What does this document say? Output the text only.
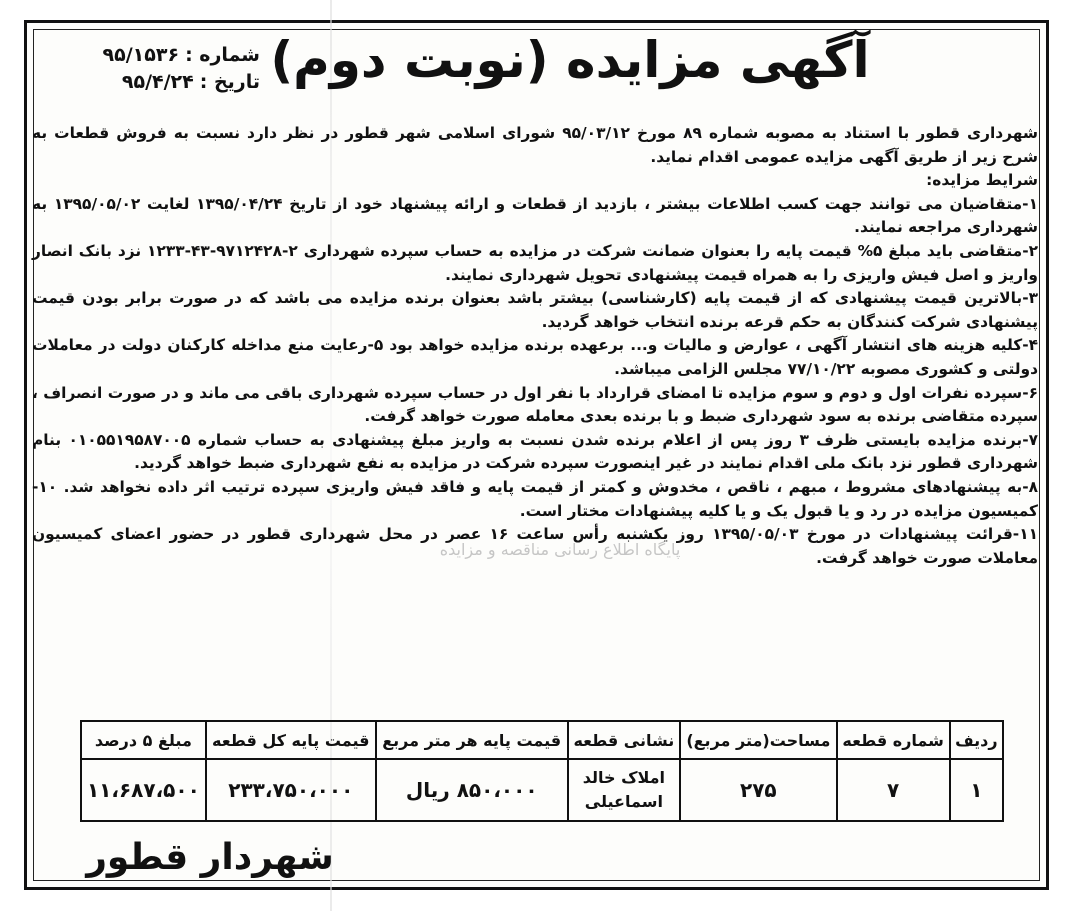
آگهی مزایده (نوبت دوم)
شماره :۹۵/۱۵۳۶
تاریخ :۹۵/۴/۲۴
پایگاه اطلاع رسانی مناقصه و مزایده

شهرداری قطور با استناد به مصوبه شماره ۸۹ مورخ ۹۵/۰۳/۱۲ شورای اسلامی شهر قطور در نظر دارد نسبت به فروش قطعات به شرح زیر از طریق آگهی مزایده عمومی اقدام نماید.

شرایط مزایده:

۱-متقاضیان می توانند جهت کسب اطلاعات بیشتر ، بازدید از قطعات و ارائه پیشنهاد خود از تاریخ ۱۳۹۵/۰۴/۲۴ لغایت ۱۳۹۵/۰۵/۰۲ به شهرداری مراجعه نمایند.

۲-متقاضی باید مبلغ ۵% قیمت پایه را بعنوان ضمانت شرکت در مزایده به حساب سپرده شهرداری ۲-۹۷۱۲۴۲۸-۴۳-۱۲۳۳ نزد بانک انصار واریز و اصل فیش واریزی را به همراه قیمت پیشنهادی تحویل شهرداری نمایند.

۳-بالاترین قیمت پیشنهادی که از قیمت پایه (کارشناسی) بیشتر باشد بعنوان برنده مزایده می باشد که در صورت برابر بودن قیمت پیشنهادی شرکت کنندگان به حکم قرعه برنده انتخاب خواهد گردید.

۴-کلیه هزینه های انتشار آگهی ، عوارض و مالیات و... برعهده برنده مزایده خواهد بود ۵-رعایت منع مداخله کارکنان دولت در معاملات دولتی و کشوری مصوبه ۷۷/۱۰/۲۲ مجلس الزامی میباشد.

۶-سپرده نفرات اول و دوم و سوم مزایده تا امضای قرارداد با نفر اول در حساب سپرده شهرداری باقی می ماند و در صورت انصراف ، سپرده متقاضی برنده به سود شهرداری ضبط و با برنده بعدی معامله صورت خواهد گرفت.

۷-برنده مزایده بایستی ظرف ۳ روز پس از اعلام برنده شدن نسبت به واریز مبلغ پیشنهادی به حساب شماره ۰۱۰۵۵۱۹۵۸۷۰۰۵ بنام شهرداری قطور نزد بانک ملی اقدام نمایند در غیر اینصورت سپرده شرکت در مزایده به نفع شهرداری ضبط خواهد گردید.

۸-به پیشنهادهای مشروط ، مبهم ، ناقص ، مخدوش و کمتر از قیمت پایه و فاقد فیش واریزی سپرده ترتیب اثر داده نخواهد شد. ۱۰-کمیسیون مزایده در رد و یا قبول یک و یا کلیه پیشنهادات مختار است.

۱۱-قرائت پیشنهادات در مورخ ۱۳۹۵/۰۵/۰۳ روز یکشنبه رأس ساعت ۱۶ عصر در محل شهرداری قطور در حضور اعضای کمیسیون معاملات صورت خواهد گرفت.

ردیف	شماره قطعه	مساحت(متر مربع)	نشانی قطعه	قیمت پایه هر متر مربع	قیمت پایه کل قطعه	مبلغ ۵ درصد
۱	۷	۲۷۵	املاک خالد
اسماعیلی	۸۵۰،۰۰۰ ریال	۲۳۳،۷۵۰،۰۰۰	۱۱،۶۸۷،۵۰۰
شهردار قطور
